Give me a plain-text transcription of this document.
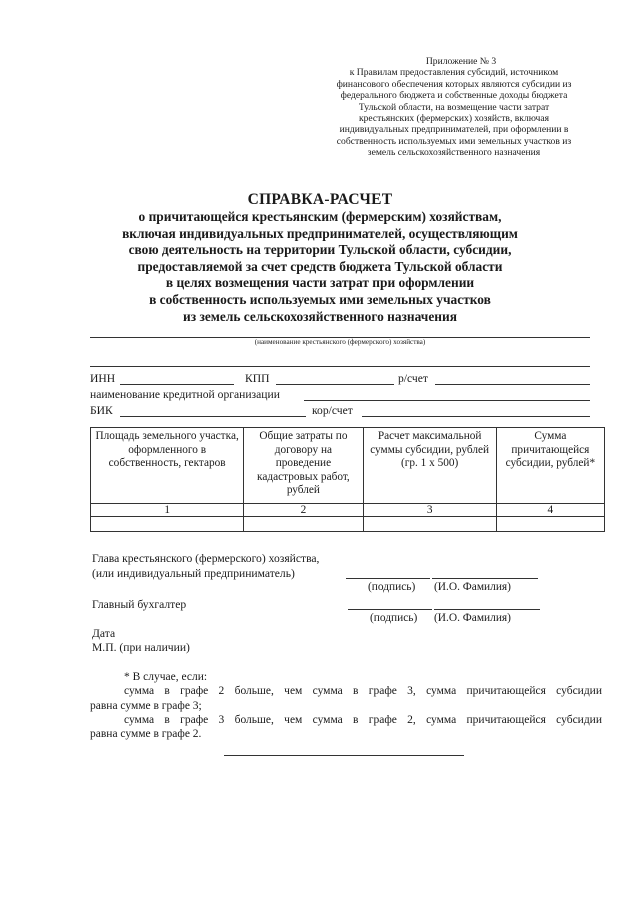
Приложение № 3
к Правилам предоставления субсидий, источником
финансового обеспечения которых являются субсидии из
федерального бюджета и собственные доходы бюджета
Тульской области, на возмещение части затрат
крестьянских (фермерских) хозяйств, включая
индивидуальных предпринимателей, при оформлении в
собственность используемых ими земельных участков из
земель сельскохозяйственного назначения
СПРАВКА-РАСЧЕТ
о причитающейся крестьянским (фермерским) хозяйствам,
включая индивидуальных предпринимателей, осуществляющим
свою деятельность на территории Тульской области, субсидии,
предоставляемой за счет средств бюджета Тульской области
в целях возмещения части затрат при оформлении
в собственность используемых ими земельных участков
из земель сельскохозяйственного назначения
(наименование крестьянского (фермерского) хозяйства)
ИНН	КПП	р/счет
наименование кредитной организации
БИК	кор/счет
Площадь земельного участка, оформленного в собственность, гектаров	Общие затраты по договору на проведение кадастровых работ, рублей	Расчет максимальной суммы субсидии, рублей (гр. 1 x 500)	Сумма причитающейся субсидии, рублей*
1	2	3	4

Глава крестьянского (фермерского) хозяйства,
(или индивидуальный предприниматель)
(подпись) (И.О. Фамилия)
Главный бухгалтер
(подпись) (И.О. Фамилия)
Дата
М.П. (при наличии)
* В случае, если:
сумма в графе 2 больше, чем сумма в графе 3, сумма причитающейся субсидии
равна сумме в графе 3;
сумма в графе 3 больше, чем сумма в графе 2, сумма причитающейся субсидии
равна сумме в графе 2.
